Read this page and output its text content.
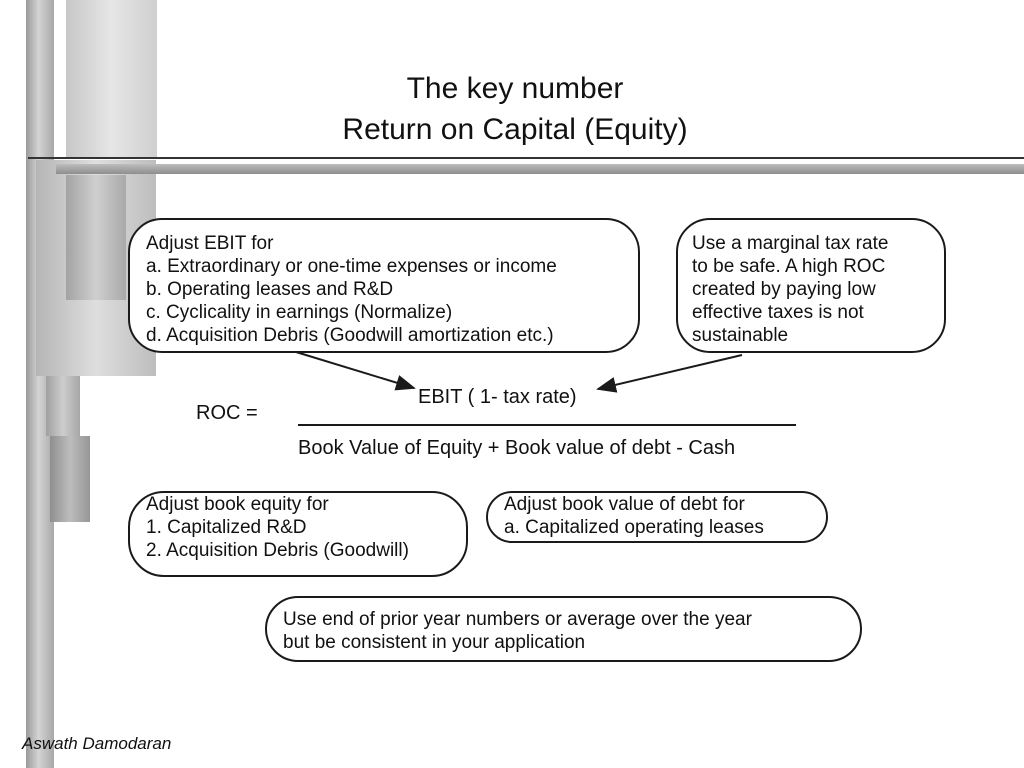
The key number
Return on Capital (Equity)
Adjust EBIT for
a. Extraordinary or one-time expenses or income
b. Operating leases and R&D
c. Cyclicality in earnings (Normalize)
d. Acquisition Debris (Goodwill amortization etc.)
Use a marginal tax rate
to be safe. A high ROC
created by paying low
effective taxes is not
sustainable
ROC =
EBIT ( 1- tax rate)
Book Value of Equity + Book value of debt - Cash
Adjust book equity for
1. Capitalized R&D
2. Acquisition Debris (Goodwill)
Adjust book value of debt for
a. Capitalized operating leases
Use end of prior year numbers or average over the year
but be consistent in your application
Aswath Damodaran
